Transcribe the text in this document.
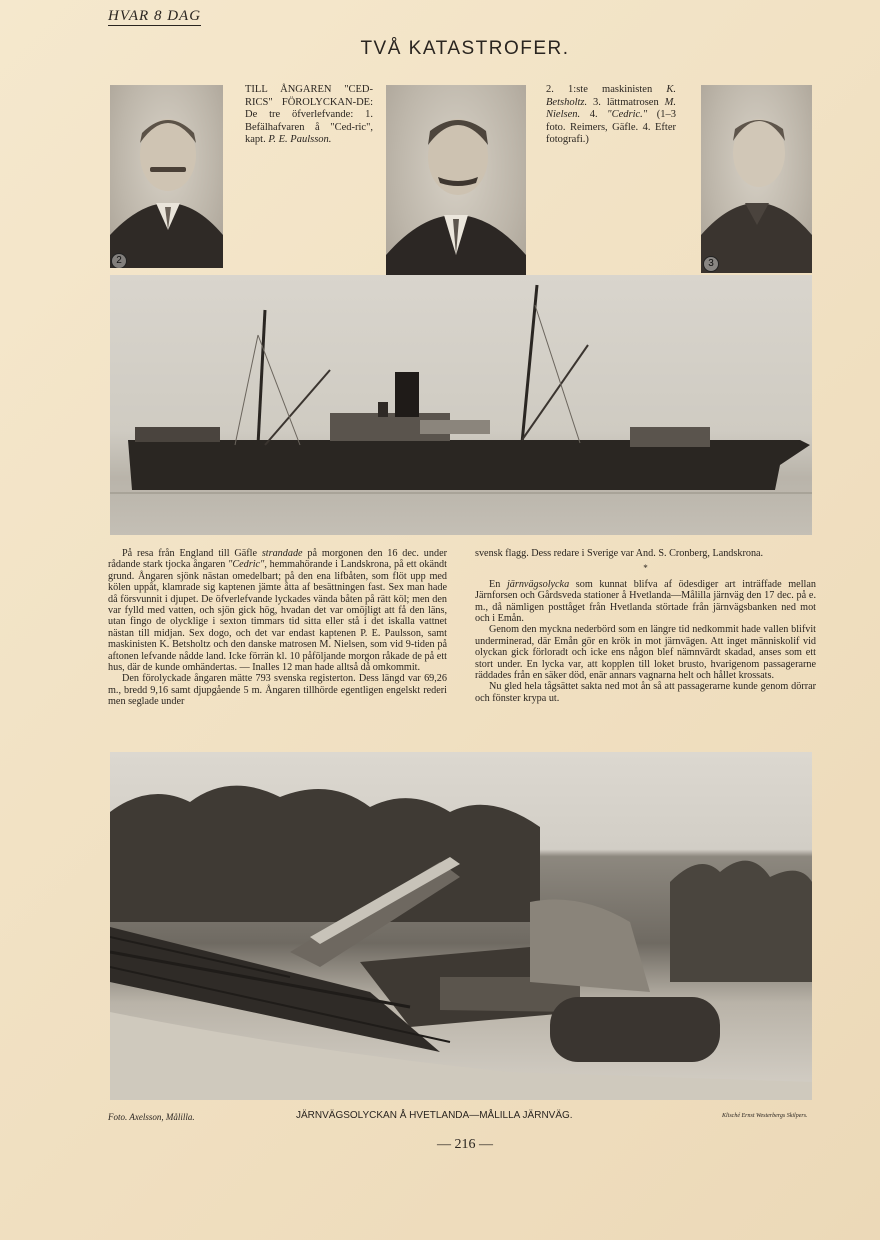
HVAR 8 DAG
TVÅ KATASTROFER.
2	3
TILL ÅNGAREN "CED-RICS" FÖROLYCKAN-DE: De tre öfverlefvande: 1. Befälhafvaren å "Ced-ric", kapt. P. E. Paulsson.
2. 1:ste maskinisten K. Betsholtz. 3. lättmatrosen M. Nielsen. 4. "Cedric." (1–3 foto. Reimers, Gäfle. 4. Efter fotografi.)

På resa från England till Gäfle strandade på morgonen den 16 dec. under rådande stark tjocka ångaren "Cedric", hemmahörande i Landskrona, på ett okändt grund. Ångaren sjönk nästan omedelbart; på den ena lifbåten, som flöt upp med kölen uppåt, klamrade sig kaptenen jämte åtta af besättningen fast. Sex man hade då försvunnit i djupet. De öfverlefvande lyckades vända båten på rätt köl; men den var fylld med vatten, och sjön gick hög, hvadan det var omöjligt att få den läns, utan fingo de olycklige i sexton timmars tid sitta eller stå i det iskalla vattnet nästan till midjan. Sex dogo, och det var endast kaptenen P. E. Paulsson, samt maskinisten K. Betsholtz och den danske matrosen M. Nielsen, som vid 9-tiden på aftonen lefvande nådde land. Icke förrän kl. 10 påföljande morgon råkade de på ett hus, där de kunde omhändertas. — Inalles 12 man hade alltså då omkommit.

Den förolyckade ångaren mätte 793 svenska registerton. Dess längd var 69,26 m., bredd 9,16 samt djupgående 5 m. Ångaren tillhörde egentligen engelskt rederi men seglade under

svensk flagg. Dess redare i Sverige var And. S. Cronberg, Landskrona.

*

En järnvägsolycka som kunnat blifva af ödesdiger art inträffade mellan Järnforsen och Gårdsveda stationer å Hvetlanda—Målilla järnväg den 17 dec. på e. m., då nämligen posttåget från Hvetlanda störtade från järnvägsbanken ned mot och i Emån.

Genom den myckna nederbörd som en längre tid nedkommit hade vallen blifvit underminerad, där Emån gör en krök in mot järnvägen. Att inget människolif vid olyckan gick förloradt och icke ens någon blef nämnvärdt skadad, anses som ett stort under. En lycka var, att kopplen till loket brusto, hvarigenom passagerarne räddades från en säker död, enär annars vagnarna helt och hållet krossats.

Nu gled hela tågsättet sakta ned mot ån så att passagerarne kunde genom dörrar och fönster krypa ut.

Foto. Axelsson, Målilla.	JÄRNVÄGSOLYCKAN Å HVETLANDA—MÅLILLA JÄRNVÄG.	Klisché Ernst Westerbergs Skilpers.
— 216 —
